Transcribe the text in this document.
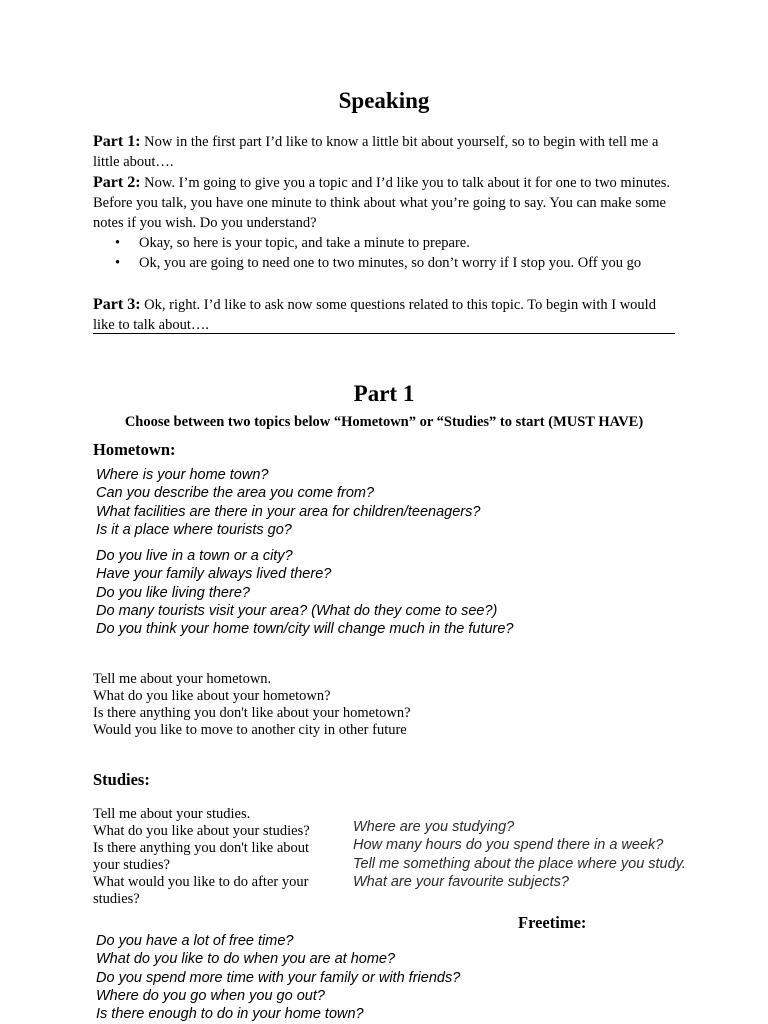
Speaking
Part 1: Now in the first part I’d like to know a little bit about yourself, so to begin with tell me a little about….
Part 2: Now. I’m going to give you a topic and I’d like you to talk about it for one to two minutes. Before you talk, you have one minute to think about what you’re going to say. You can make some notes if you wish. Do you understand?
• Okay, so here is your topic, and take a minute to prepare.
• Ok, you are going to need one to two minutes, so don’t worry if I stop you. Off you go
Part 3: Ok, right. I’d like to ask now some questions related to this topic. To begin with I would like to talk about….
Part 1
Choose between two topics below “Hometown” or “Studies” to start (MUST HAVE)
Hometown:
Where is your home town?
Can you describe the area you come from?
What facilities are there in your area for children/teenagers?
Is it a place where tourists go?
Do you live in a town or a city?
Have your family always lived there?
Do you like living there?
Do many tourists visit your area? (What do they come to see?)
Do you think your home town/city will change much in the future?
Tell me about your hometown.
What do you like about your hometown?
Is there anything you don't like about your hometown?
Would you like to move to another city in other future
Studies:
Tell me about your studies.
What do you like about your studies?
Is there anything you don't like about your studies?
What would you like to do after your studies?
Where are you studying?
How many hours do you spend there in a week?
Tell me something about the place where you study.
What are your favourite subjects?
Freetime:
Do you have a lot of free time?
What do you like to do when you are at home?
Do you spend more time with your family or with friends?
Where do you go when you go out?
Is there enough to do in your home town?
